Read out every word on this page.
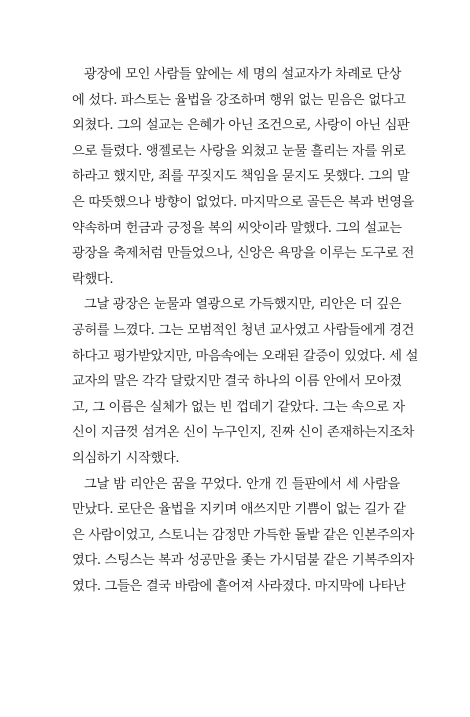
광장에 모인 사람들 앞에는 세 명의 설교자가 차례로 단상
에 섰다. 파스토는 율법을 강조하며 행위 없는 믿음은 없다고
외쳤다. 그의 설교는 은혜가 아닌 조건으로, 사랑이 아닌 심판
으로 들렸다. 앵젤로는 사랑을 외쳤고 눈물 흘리는 자를 위로
하라고 했지만, 죄를 꾸짖지도 책임을 묻지도 못했다. 그의 말
은 따뜻했으나 방향이 없었다. 마지막으로 골든은 복과 번영을
약속하며 헌금과 긍정을 복의 씨앗이라 말했다. 그의 설교는
광장을 축제처럼 만들었으나, 신앙은 욕망을 이루는 도구로 전
락했다.
그날 광장은 눈물과 열광으로 가득했지만, 리안은 더 깊은
공허를 느꼈다. 그는 모범적인 청년 교사였고 사람들에게 경건
하다고 평가받았지만, 마음속에는 오래된 갈증이 있었다. 세 설
교자의 말은 각각 달랐지만 결국 하나의 이름 안에서 모아졌
고, 그 이름은 실체가 없는 빈 껍데기 같았다. 그는 속으로 자
신이 지금껏 섬겨온 신이 누구인지, 진짜 신이 존재하는지조차
의심하기 시작했다.
그날 밤 리안은 꿈을 꾸었다. 안개 낀 들판에서 세 사람을
만났다. 로단은 율법을 지키며 애쓰지만 기쁨이 없는 길가 같
은 사람이었고, 스토니는 감정만 가득한 돌밭 같은 인본주의자
였다. 스팅스는 복과 성공만을 좇는 가시덤불 같은 기복주의자
였다. 그들은 결국 바람에 흩어져 사라졌다. 마지막에 나타난
